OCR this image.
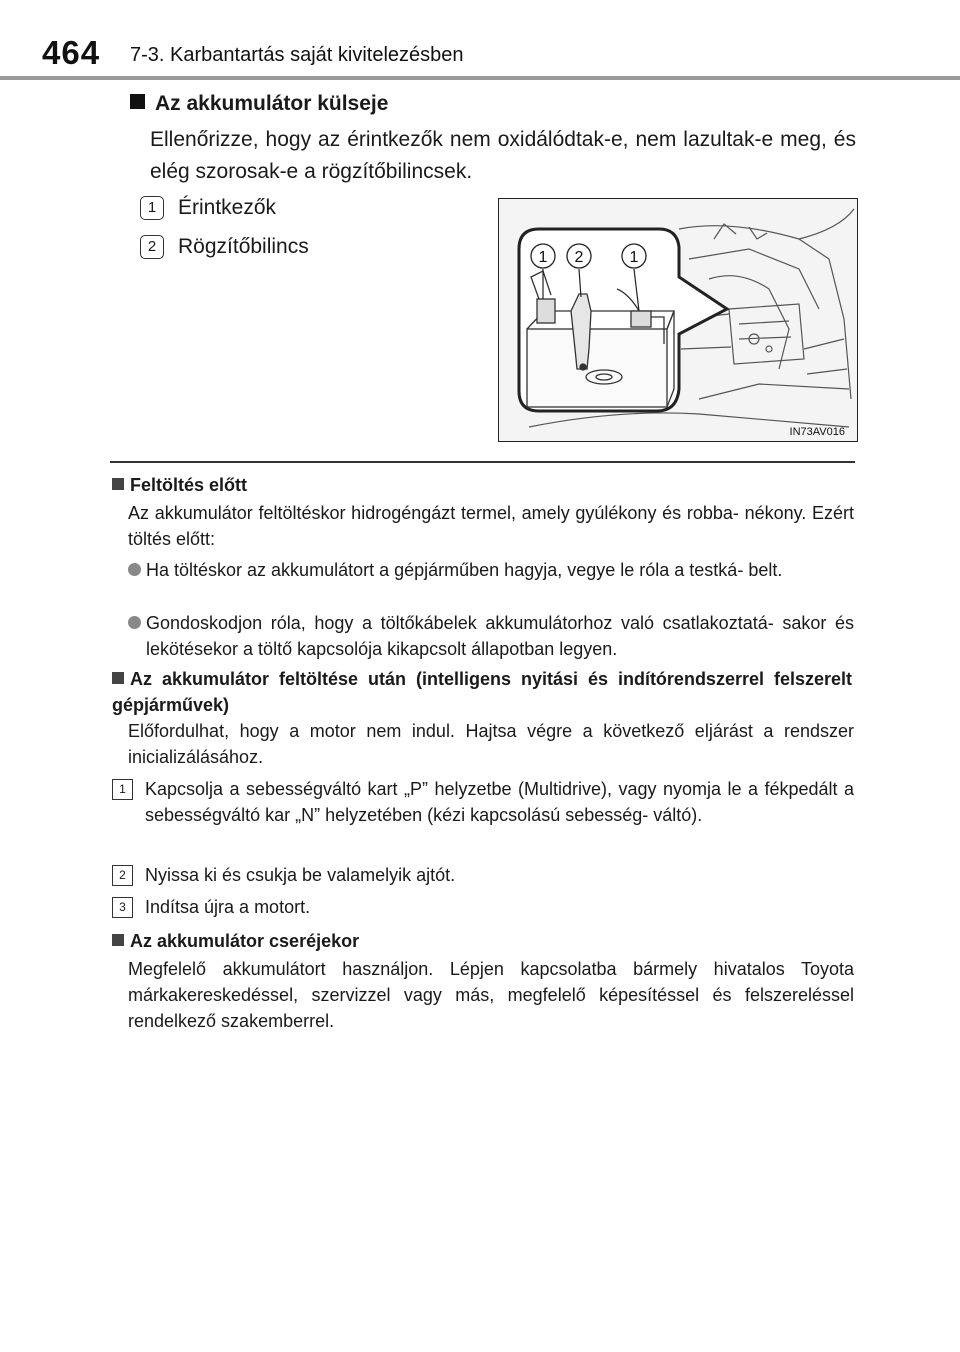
464 7-3. Karbantartás saját kivitelezésben
Az akkumulátor külseje
Ellenőrizze, hogy az érintkezők nem oxidálódtak-e, nem lazultak-e meg, és elég szorosak-e a rögzítőbilincsek.
1 Érintkezők
2 Rögzítőbilincs	1 2	1
IN73AV016
Feltöltés előtt
Az akkumulátor feltöltéskor hidrogéngázt termel, amely gyúlékony és robba- nékony. Ezért töltés előtt:
Ha töltéskor az akkumulátort a gépjárműben hagyja, vegye le róla a testká- belt.
Gondoskodjon róla, hogy a töltőkábelek akkumulátorhoz való csatlakoztatá- sakor és lekötésekor a töltő kapcsolója kikapcsolt állapotban legyen.
Az akkumulátor feltöltése után (intelligens nyitási és indítórendszerrel felszerelt gépjárművek)
Előfordulhat, hogy a motor nem indul. Hajtsa végre a következő eljárást a rendszer inicializálásához.
1	Kapcsolja a sebességváltó kart „P” helyzetbe (Multidrive), vagy nyomja le a fékpedált a sebességváltó kar „N” helyzetében (kézi kapcsolású sebesség- váltó).
2	Nyissa ki és csukja be valamelyik ajtót.
3	Indítsa újra a motort.
Az akkumulátor cseréjekor
Megfelelő akkumulátort használjon. Lépjen kapcsolatba bármely hivatalos Toyota márkakereskedéssel, szervizzel vagy más, megfelelő képesítéssel és felszereléssel rendelkező szakemberrel.
